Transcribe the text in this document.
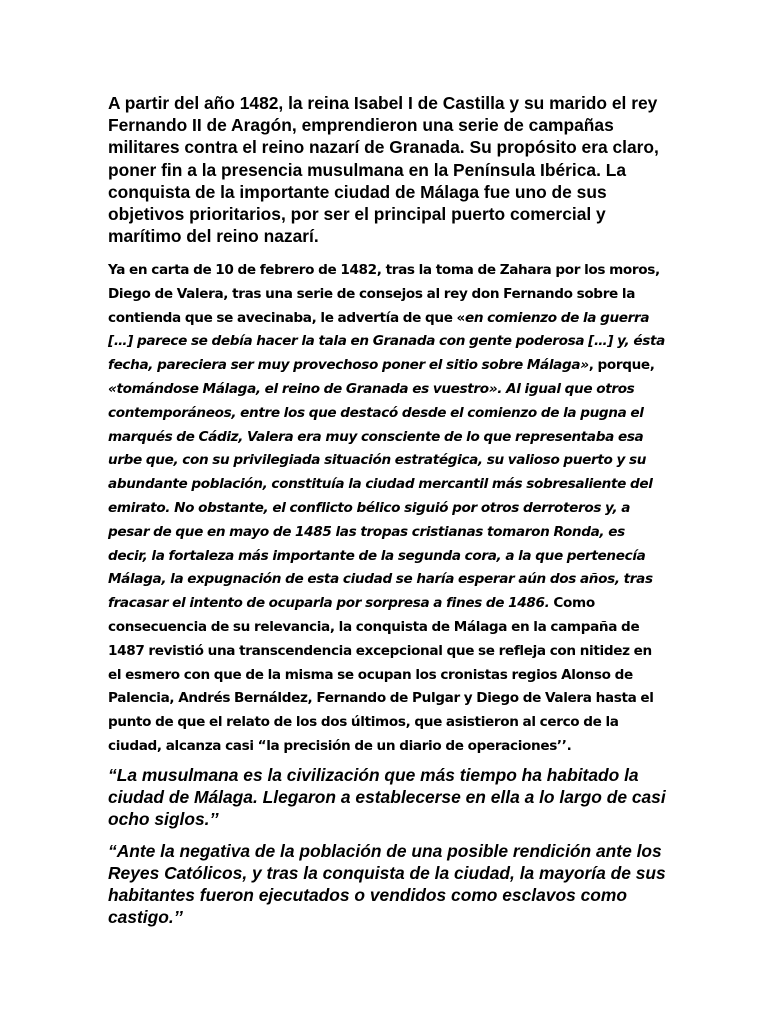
A partir del año 1482, la reina Isabel I de Castilla y su marido el rey Fernando II de Aragón, emprendieron una serie de campañas militares contra el reino nazarí de Granada. Su propósito era claro, poner fin a la presencia musulmana en la Península Ibérica. La conquista de la importante ciudad de Málaga fue uno de sus objetivos prioritarios, por ser el principal puerto comercial y marítimo del reino nazarí.

Ya en carta de 10 de febrero de 1482, tras la toma de Zahara por los moros, Diego de Valera, tras una serie de consejos al rey don Fernando sobre la contienda que se avecinaba, le advertía de que «en comienzo de la guerra […] parece se debía hacer la tala en Granada con gente poderosa […] y, ésta fecha, pareciera ser muy provechoso poner el sitio sobre Málaga», porque, «tomándose Málaga, el reino de Granada es vuestro». Al igual que otros contemporáneos, entre los que destacó desde el comienzo de la pugna el marqués de Cádiz, Valera era muy consciente de lo que representaba esa urbe que, con su privilegiada situación estratégica, su valioso puerto y su abundante población, constituía la ciudad mercantil más sobresaliente del emirato. No obstante, el conflicto bélico siguió por otros derroteros y, a pesar de que en mayo de 1485 las tropas cristianas tomaron Ronda, es decir, la fortaleza más importante de la segunda cora, a la que pertenecía Málaga, la expugnación de esta ciudad se haría esperar aún dos años, tras fracasar el intento de ocuparla por sorpresa a fines de 1486. Como consecuencia de su relevancia, la conquista de Málaga en la campaña de 1487 revistió una transcendencia excepcional que se refleja con nitidez en el esmero con que de la misma se ocupan los cronistas regios Alonso de Palencia, Andrés Bernáldez, Fernando de Pulgar y Diego de Valera hasta el punto de que el relato de los dos últimos, que asistieron al cerco de la ciudad, alcanza casi “la precisión de un diario de operaciones’’.

“La musulmana es la civilización que más tiempo ha habitado la ciudad de Málaga. Llegaron a establecerse en ella a lo largo de casi ocho siglos.’’

“Ante la negativa de la población de una posible rendición ante los Reyes Católicos, y tras la conquista de la ciudad, la mayoría de sus habitantes fueron ejecutados o vendidos como esclavos como castigo.’’
